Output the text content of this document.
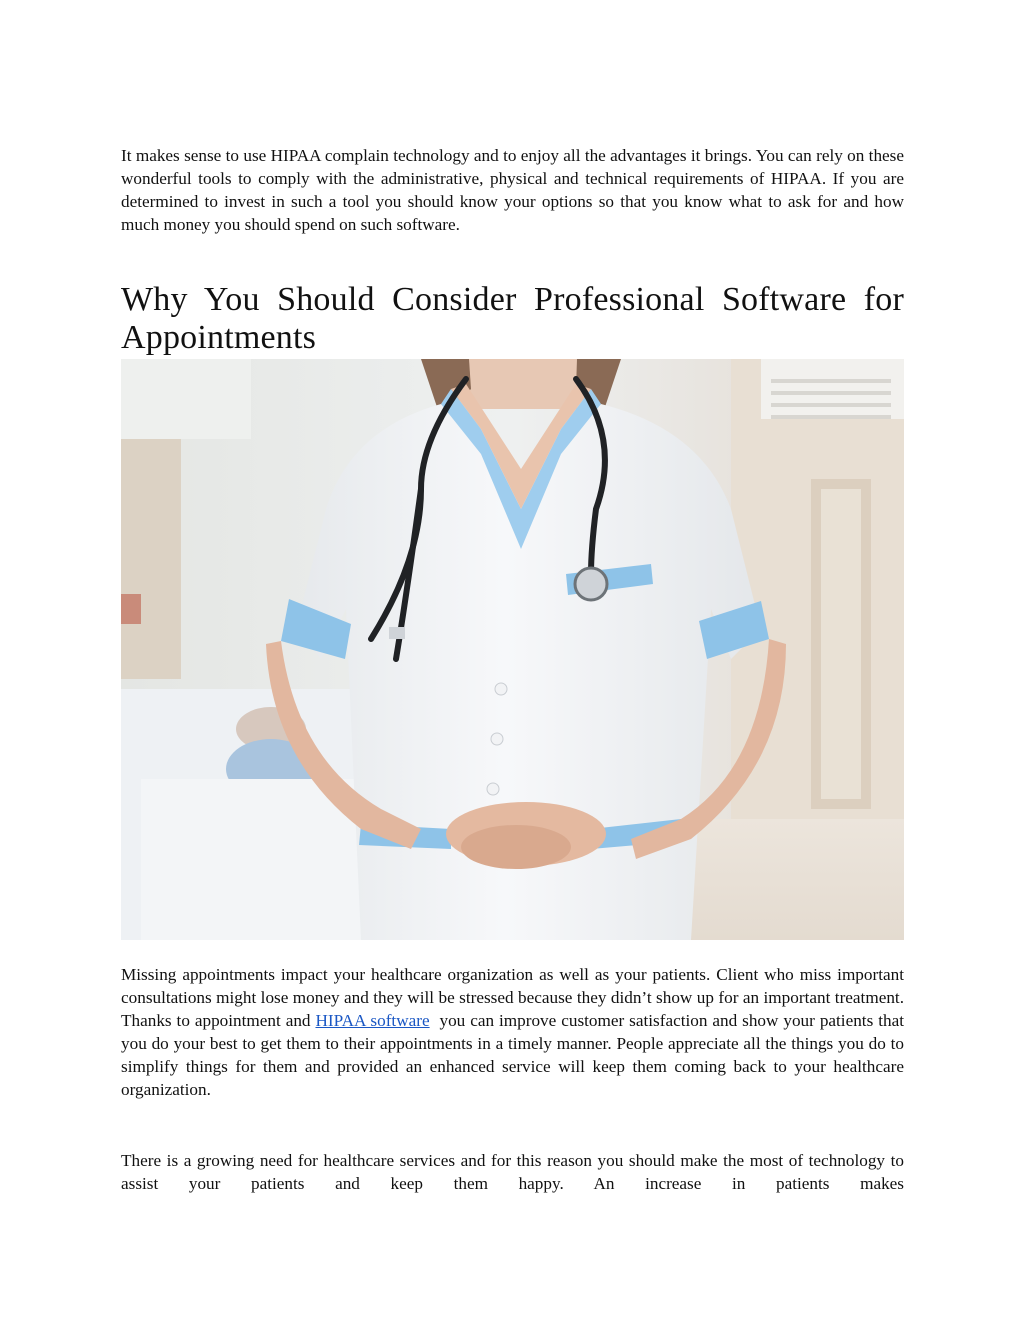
It makes sense to use HIPAA complain technology and to enjoy all the advantages it brings. You can rely on these wonderful tools to comply with the administrative, physical and technical requirements of HIPAA. If you are determined to invest in such a tool you should know your options so that you know what to ask for and how much money you should spend on such software.

Why You Should Consider Professional Software for Appointments

Missing appointments impact your healthcare organization as well as your patients. Client who miss important consultations might lose money and they will be stressed because they didn’t show up for an important treatment. Thanks to appointment and HIPAA software  you can improve customer satisfaction and show your patients that you do your best to get them to their appointments in a timely manner. People appreciate all the things you do to simplify things for them and provided an enhanced service will keep them coming back to your healthcare organization.

There is a growing need for healthcare services and for this reason you should make the most of technology to assist your patients and keep them happy. An increase in patients makes
